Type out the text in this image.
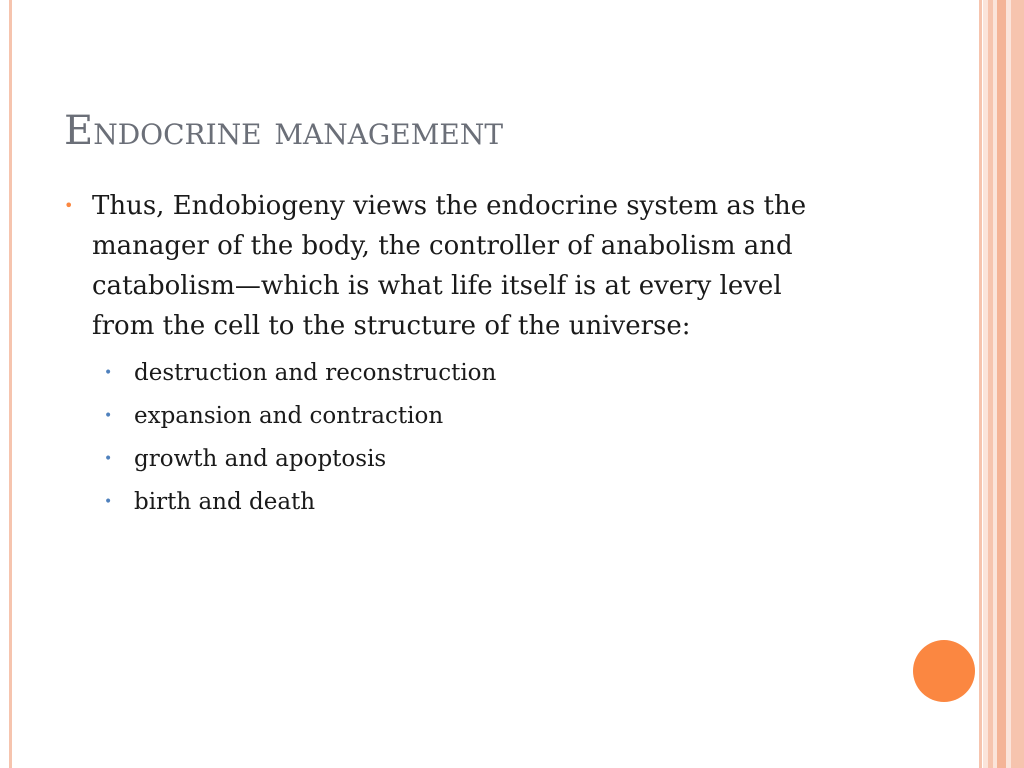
Endocrine management
• Thus, Endobiogeny views the endocrine system as the manager of the body, the controller of anabolism and catabolism—which is what life itself is at every level from the cell to the structure of the universe:
• destruction and reconstruction
• expansion and contraction
• growth and apoptosis
• birth and death
